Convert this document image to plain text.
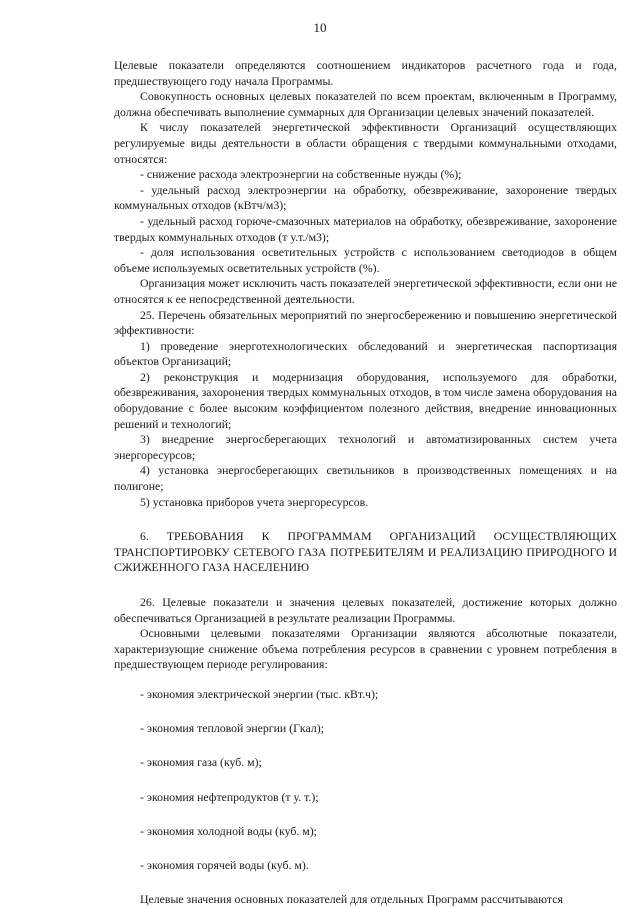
10

Целевые показатели определяются соотношением индикаторов расчетного года и года, предшествующего году начала Программы.

Совокупность основных целевых показателей по всем проектам, включенным в Программу, должна обеспечивать выполнение суммарных для Организации целевых значений показателей.

К числу показателей энергетической эффективности Организаций осуществляющих регулируемые виды деятельности в области обращения с твердыми коммунальными отходами, относятся:

- снижение расхода электроэнергии на собственные нужды (%);

- удельный расход электроэнергии на обработку, обезвреживание, захоронение твердых коммунальных отходов (кВтч/м3);

- удельный расход горюче-смазочных материалов на обработку, обезвреживание, захоронение твердых коммунальных отходов (т у.т./м3);

- доля использования осветительных устройств с использованием светодиодов в общем объеме используемых осветительных устройств (%).

Организация может исключить часть показателей энергетической эффективности, если они не относятся к ее непосредственной деятельности.

25. Перечень обязательных мероприятий по энергосбережению и повышению энергетической эффективности:

1) проведение энерготехнологических обследований и энергетическая паспортизация объектов Организаций;

2) реконструкция и модернизация оборудования, используемого для обработки, обезвреживания, захоронения твердых коммунальных отходов, в том числе замена оборудования на оборудование с более высоким коэффициентом полезного действия, внедрение инновационных решений и технологий;

3) внедрение энергосберегающих технологий и автоматизированных систем учета энергоресурсов;

4) установка энергосберегающих светильников в производственных помещениях и на полигоне;

5) установка приборов учета энергоресурсов.

6. ТРЕБОВАНИЯ К ПРОГРАММАМ ОРГАНИЗАЦИЙ ОСУЩЕСТВЛЯЮЩИХ ТРАНСПОРТИРОВКУ СЕТЕВОГО ГАЗА ПОТРЕБИТЕЛЯМ И РЕАЛИЗАЦИЮ ПРИРОДНОГО И СЖИЖЕННОГО ГАЗА НАСЕЛЕНИЮ

26. Целевые показатели и значения целевых показателей, достижение которых должно обеспечиваться Организацией в результате реализации Программы.

Основными целевыми показателями Организации являются абсолютные показатели, характеризующие снижение объема потребления ресурсов в сравнении с уровнем потребления в предшествующем периоде регулирования:

- экономия электрической энергии (тыс. кВт.ч);

- экономия тепловой энергии (Гкал);

- экономия газа (куб. м);

- экономия нефтепродуктов (т у. т.);

- экономия холодной воды (куб. м);

- экономия горячей воды (куб. м).

Целевые значения основных показателей для отдельных Программ рассчитываются
